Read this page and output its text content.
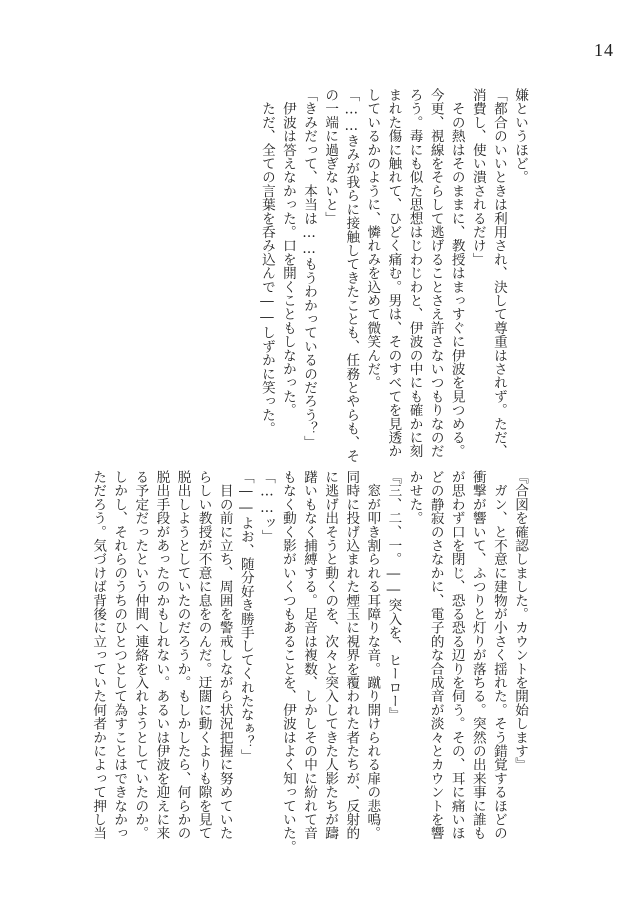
14
嫌というほど。
「都合のいいときは利用され、決して尊重はされず。ただ、
消費し、使い潰されるだけ」
　その熱はそのままに、教授はまっすぐに伊波を見つめる。
今更、視線をそらして逃げることさえ許さないつもりなのだ
ろう。毒にも似た思想はじわじわと、伊波の中にも確かに刻
まれた傷に触れて、ひどく痛む。男は、そのすべてを見透か
しているかのように、憐れみを込めて微笑んだ。
「……きみが我らに接触してきたことも、任務とやらも、そ
の一端に過ぎないと」
「きみだって、本当は……もうわかっているのだろう？」
　伊波は答えなかった。口を開くこともしなかった。
　ただ、全ての言葉を呑み込んで――しずかに笑った。
『合図を確認しました。カウントを開始します』
　ガン、と不意に建物が小さく揺れた。そう錯覚するほどの
衝撃が響いて、ふつりと灯りが落ちる。突然の出来事に誰も
が思わず口を閉じ、恐る恐る辺りを伺う。その、耳に痛いほ
どの静寂のさなかに、電子的な合成音が淡々とカウントを響
かせた。
『三、二、一。――突入を、ヒーロー』
　窓が叩き割られる耳障りな音。蹴り開けられる扉の悲鳴。
同時に投げ込まれた煙玉に視界を覆われた者たちが、反射的
に逃げ出そうと動くのを、次々と突入してきた人影たちが躊
躇いもなく捕縛する。足音は複数、しかしその中に紛れて音
もなく動く影がいくつもあることを、伊波はよく知っていた。
「……ッ」
「――よお、随分好き勝手してくれたなぁ？」
　目の前に立ち、周囲を警戒しながら状況把握に努めていた
らしい教授が不意に息をのんだ。迂闊に動くよりも隙を見て
脱出しようとしていたのだろうか。もしかしたら、何らかの
脱出手段があったのかもしれない。あるいは伊波を迎えに来
る予定だったという仲間へ連絡を入れようとしていたのか。
しかし、それらのうちのひとつとして為すことはできなかっ
ただろう。気づけば背後に立っていた何者かによって押し当
